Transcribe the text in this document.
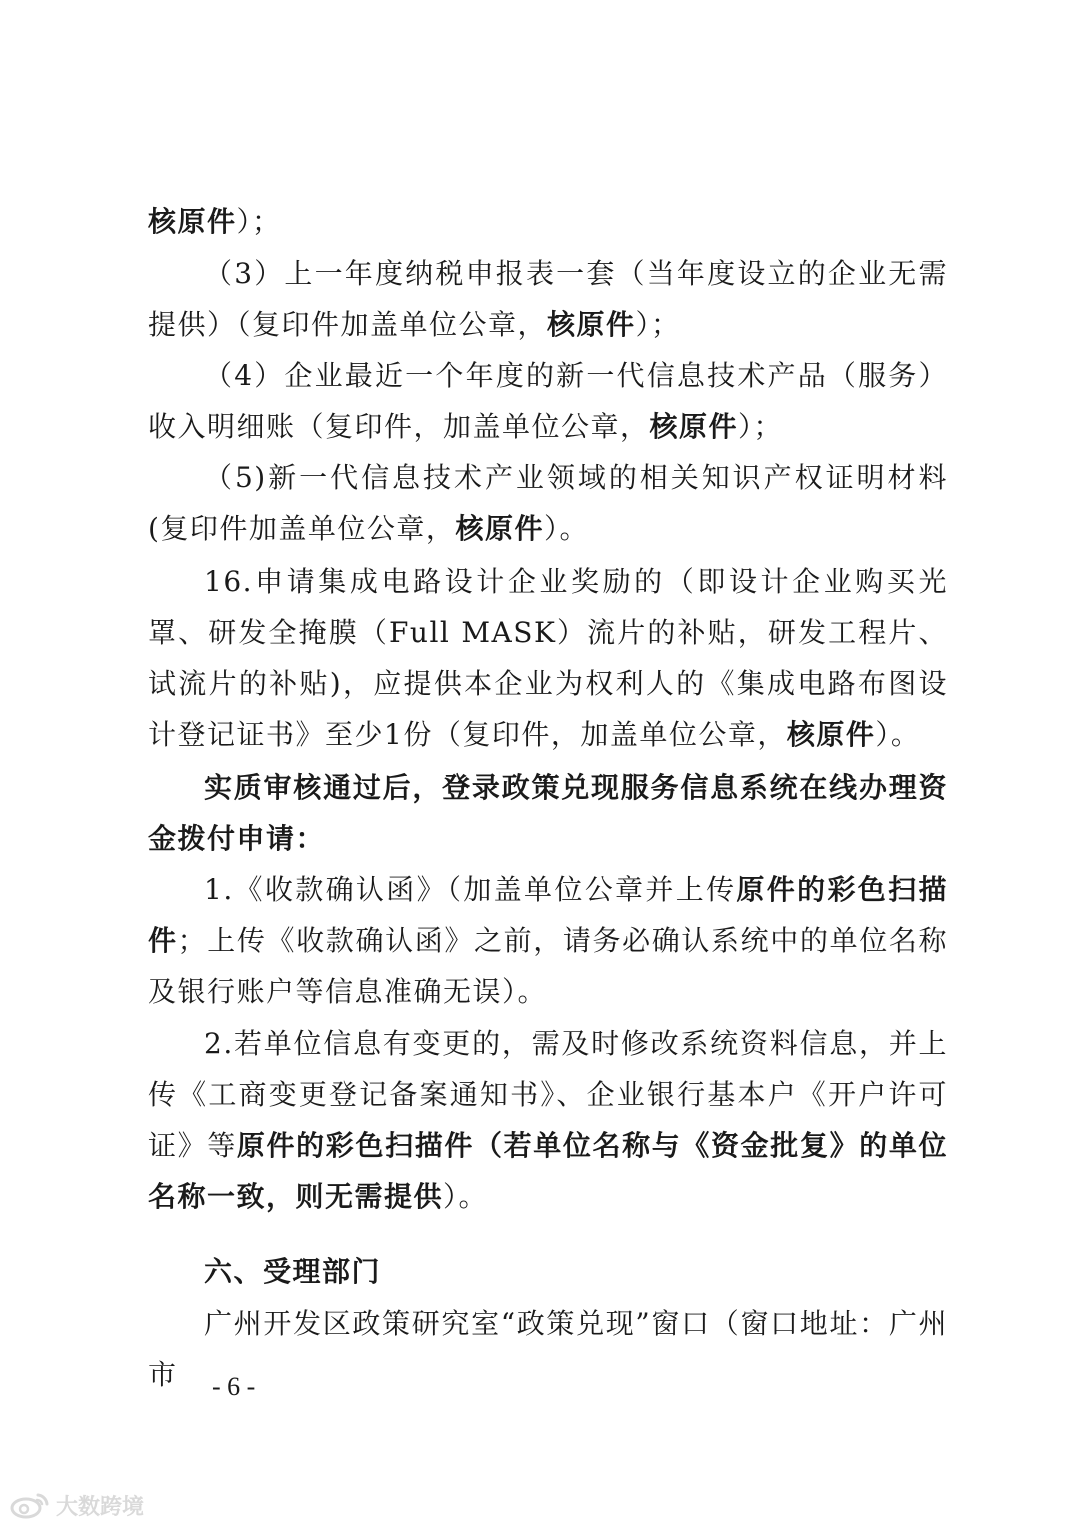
核原件）；

（3）上一年度纳税申报表一套（当年度设立的企业无需提供）（复印件加盖单位公章，核原件）；

（4）企业最近一个年度的新一代信息技术产品（服务）收入明细账（复印件，加盖单位公章，核原件）；

（5)新一代信息技术产业领域的相关知识产权证明材料(复印件加盖单位公章，核原件）。

16.申请集成电路设计企业奖励的（即设计企业购买光罩、研发全掩膜（Full MASK）流片的补贴，研发工程片、试流片的补贴)，应提供本企业为权利人的《集成电路布图设计登记证书》至少1份（复印件，加盖单位公章，核原件）。

实质审核通过后，登录政策兑现服务信息系统在线办理资金拨付申请：

1.《收款确认函》（加盖单位公章并上传原件的彩色扫描件；上传《收款确认函》之前，请务必确认系统中的单位名称及银行账户等信息准确无误）。

2.若单位信息有变更的，需及时修改系统资料信息，并上传《工商变更登记备案通知书》、企业银行基本户《开户许可证》等原件的彩色扫描件（若单位名称与《资金批复》的单位名称一致，则无需提供）。

六、受理部门

广州开发区政策研究室“政策兑现”窗口（窗口地址：广州市	- 6 -
大数跨境
